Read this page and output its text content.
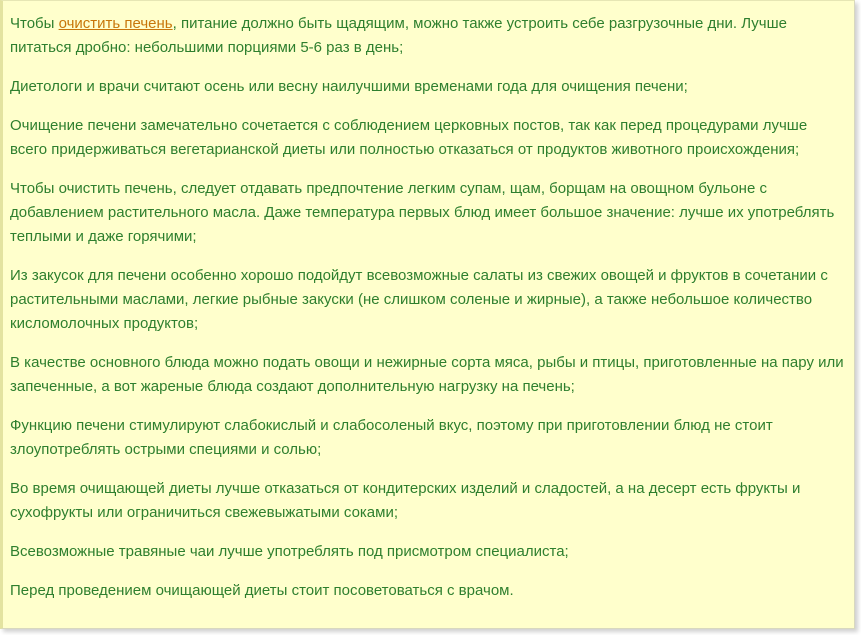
Чтобы очистить печень, питание должно быть щадящим, можно также устроить себе разгрузочные дни. Лучше питаться дробно: небольшими порциями 5-6 раз в день;

Диетологи и врачи считают осень или весну наилучшими временами года для очищения печени;

Очищение печени замечательно сочетается с соблюдением церковных постов, так как перед процедурами лучше всего придерживаться вегетарианской диеты или полностью отказаться от продуктов животного происхождения;

Чтобы очистить печень, следует отдавать предпочтение легким супам, щам, борщам на овощном бульоне с добавлением растительного масла. Даже температура первых блюд имеет большое значение: лучше их употреблять теплыми и даже горячими;

Из закусок для печени особенно хорошо подойдут всевозможные салаты из свежих овощей и фруктов в сочетании с растительными маслами, легкие рыбные закуски (не слишком соленые и жирные), а также небольшое количество кисломолочных продуктов;

В качестве основного блюда можно подать овощи и нежирные сорта мяса, рыбы и птицы, приготовленные на пару или запеченные, а вот жареные блюда создают дополнительную нагрузку на печень;

Функцию печени стимулируют слабокислый и слабосоленый вкус, поэтому при приготовлении блюд не стоит злоупотреблять острыми специями и солью;

Во время очищающей диеты лучше отказаться от кондитерских изделий и сладостей, а на десерт есть фрукты и сухофрукты или ограничиться свежевыжатыми соками;

Всевозможные травяные чаи лучше употреблять под присмотром специалиста;

Перед проведением очищающей диеты стоит посоветоваться с врачом.
